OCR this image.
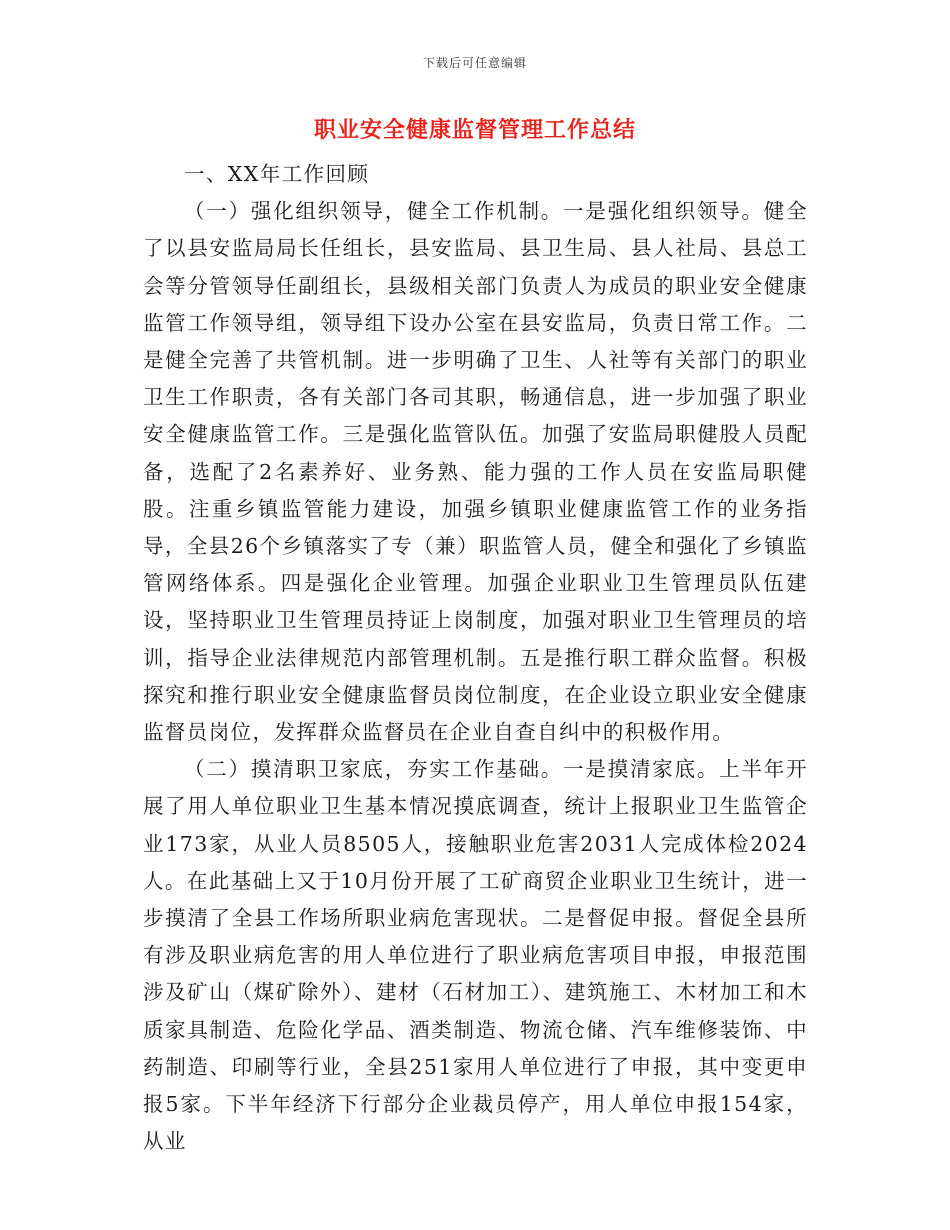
下载后可任意编辑
职业安全健康监督管理工作总结

一、XX年工作回顾

（一）强化组织领导，健全工作机制。一是强化组织领导。健全了以县安监局局长任组长，县安监局、县卫生局、县人社局、县总工会等分管领导任副组长，县级相关部门负责人为成员的职业安全健康监管工作领导组，领导组下设办公室在县安监局，负责日常工作。二是健全完善了共管机制。进一步明确了卫生、人社等有关部门的职业卫生工作职责，各有关部门各司其职，畅通信息，进一步加强了职业安全健康监管工作。三是强化监管队伍。加强了安监局职健股人员配备，选配了2名素养好、业务熟、能力强的工作人员在安监局职健股。注重乡镇监管能力建设，加强乡镇职业健康监管工作的业务指导，全县26个乡镇落实了专（兼）职监管人员，健全和强化了乡镇监管网络体系。四是强化企业管理。加强企业职业卫生管理员队伍建设，坚持职业卫生管理员持证上岗制度，加强对职业卫生管理员的培训，指导企业法律规范内部管理机制。五是推行职工群众监督。积极探究和推行职业安全健康监督员岗位制度，在企业设立职业安全健康监督员岗位，发挥群众监督员在企业自查自纠中的积极作用。

（二）摸清职卫家底，夯实工作基础。一是摸清家底。上半年开展了用人单位职业卫生基本情况摸底调查，统计上报职业卫生监管企业173家，从业人员8505人，接触职业危害2031人完成体检2024人。在此基础上又于10月份开展了工矿商贸企业职业卫生统计，进一步摸清了全县工作场所职业病危害现状。二是督促申报。督促全县所有涉及职业病危害的用人单位进行了职业病危害项目申报，申报范围涉及矿山（煤矿除外）、建材（石材加工）、建筑施工、木材加工和木质家具制造、危险化学品、酒类制造、物流仓储、汽车维修装饰、中药制造、印刷等行业，全县251家用人单位进行了申报，其中变更申报5家。下半年经济下行部分企业裁员停产，用人单位申报154家，从业
